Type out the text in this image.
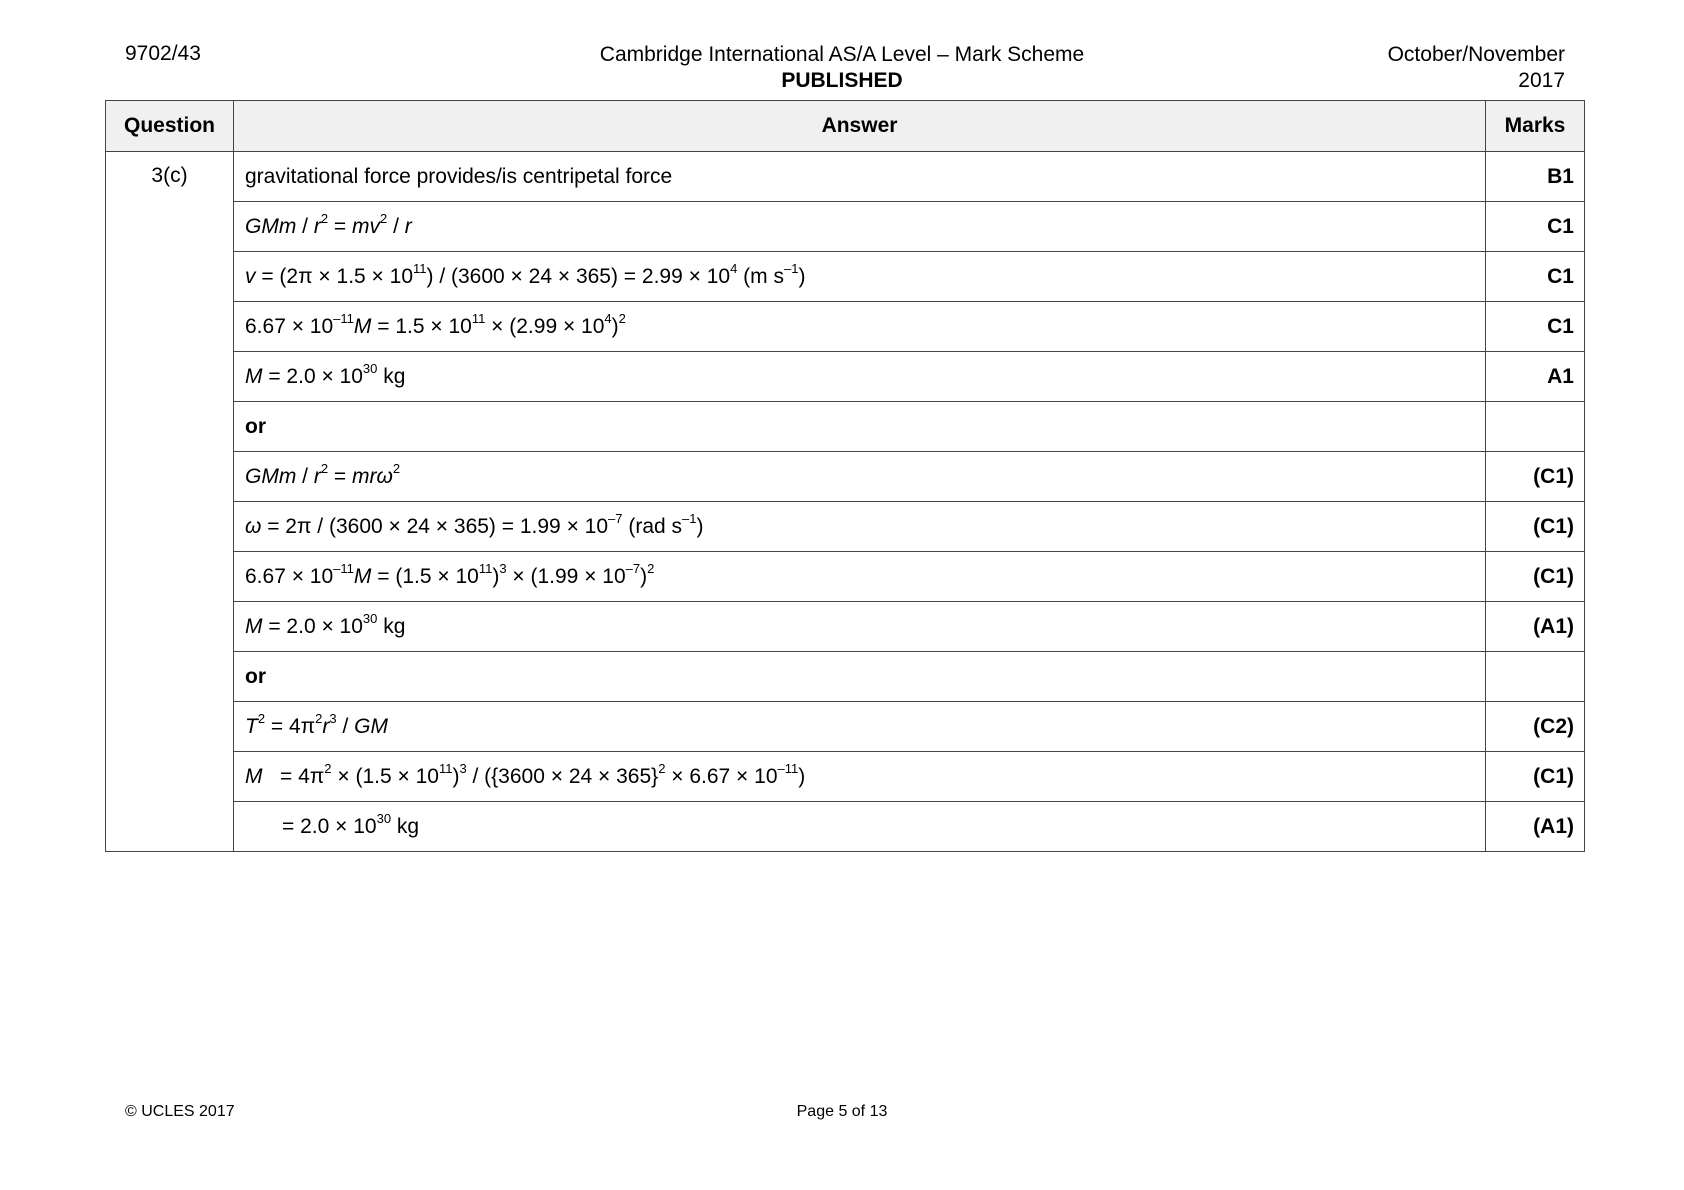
9702/43	Cambridge International AS/A Level – Mark Scheme
PUBLISHED
October/November
2017
Question	Answer	Marks
3(c)	gravitational force provides/is centripetal force	B1
	GMm / $r^2 = mv^2 / r$	C1
	$v = (2\pi \times 1.5 \times 10^{11}) / (3600 \times 24 \times 365) = 2.99 \times 10^4$ (m $s^{-1}$)	C1
	$6.67 \times 10^{-11}M = 1.5 \times 10^{11} \times (2.99 \times 10^4)^2$	C1
	$M = 2.0 \times 10^{30}$ kg	A1
	or	
	GMm / $r^2 = mr\omega^2$	(C1)
	$\omega = 2\pi / (3600 \times 24 \times 365) = 1.99 \times 10^{-7}$ (rad $s^{-1}$)	(C1)
	$6.67 \times 10^{-11}M = (1.5 \times 10^{11})^3 \times (1.99 \times 10^{-7})^2$	(C1)
	$M = 2.0 \times 10^{30}$ kg	(A1)
	or	
	$T^2 = 4\pi^2r^3$ / GM	(C2)
	$M = 4\pi^2 \times (1.5 \times 10^{11})^3 / (\{3600 \times 24 \times 365\}^2 \times 6.67 \times 10^{-11})$	(C1)
	= $2.0 \times 10^{30}$ kg	(A1)
© UCLES 2017	Page 5 of 13
